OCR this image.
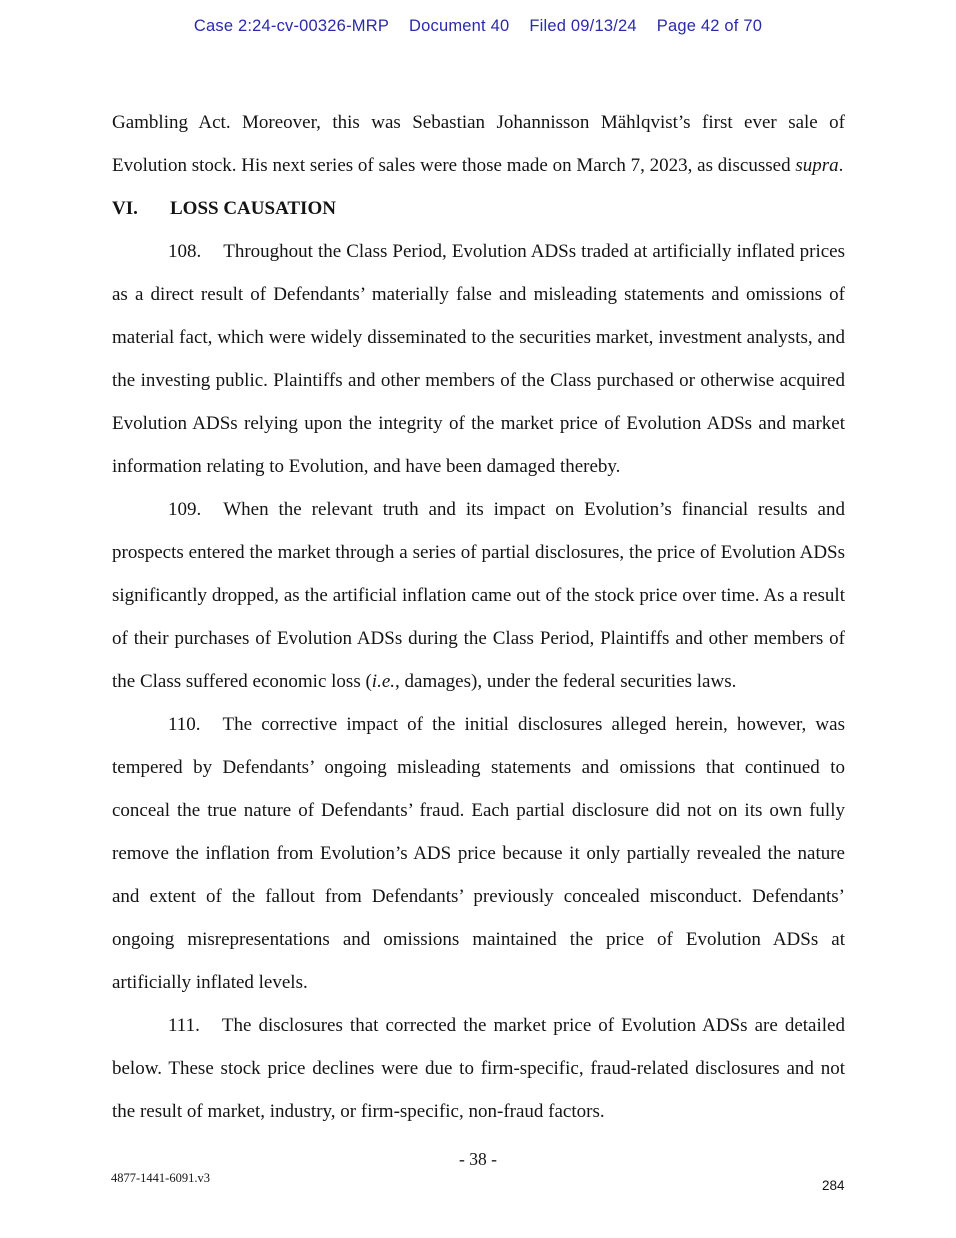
Case 2:24-cv-00326-MRP Document 40 Filed 09/13/24 Page 42 of 70

Gambling Act. Moreover, this was Sebastian Johannisson Mählqvist’s first ever sale of Evolution stock. His next series of sales were those made on March 7, 2023, as discussed supra.

VI. LOSS CAUSATION

108. Throughout the Class Period, Evolution ADSs traded at artificially inflated prices as a direct result of Defendants’ materially false and misleading statements and omissions of material fact, which were widely disseminated to the securities market, investment analysts, and the investing public. Plaintiffs and other members of the Class purchased or otherwise acquired Evolution ADSs relying upon the integrity of the market price of Evolution ADSs and market information relating to Evolution, and have been damaged thereby.

109. When the relevant truth and its impact on Evolution’s financial results and prospects entered the market through a series of partial disclosures, the price of Evolution ADSs significantly dropped, as the artificial inflation came out of the stock price over time. As a result of their purchases of Evolution ADSs during the Class Period, Plaintiffs and other members of the Class suffered economic loss (i.e., damages), under the federal securities laws.

110. The corrective impact of the initial disclosures alleged herein, however, was tempered by Defendants’ ongoing misleading statements and omissions that continued to conceal the true nature of Defendants’ fraud. Each partial disclosure did not on its own fully remove the inflation from Evolution’s ADS price because it only partially revealed the nature and extent of the fallout from Defendants’ previously concealed misconduct. Defendants’ ongoing misrepresentations and omissions maintained the price of Evolution ADSs at artificially inflated levels.

111. The disclosures that corrected the market price of Evolution ADSs are detailed below. These stock price declines were due to firm-specific, fraud-related disclosures and not the result of market, industry, or firm-specific, non-fraud factors.

- 38 -
4877-1441-6091.v3	284
